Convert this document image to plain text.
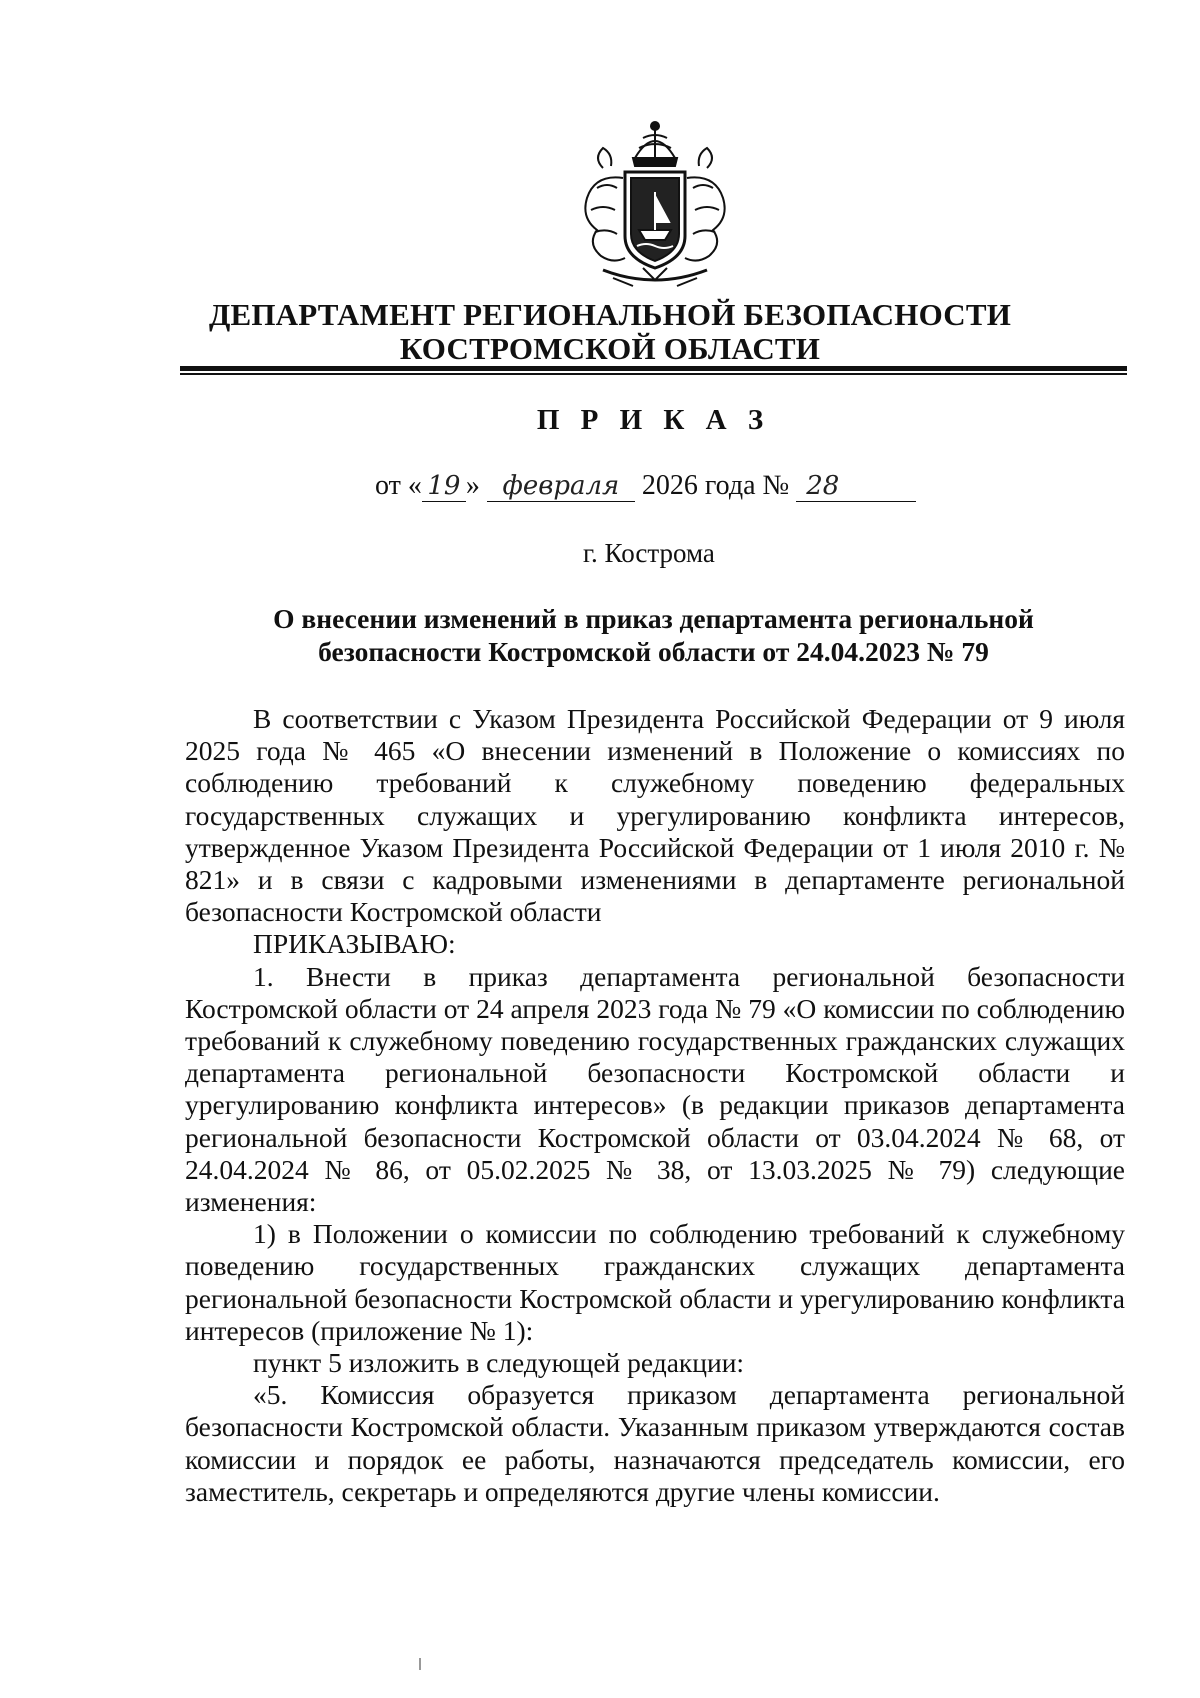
ДЕПАРТАМЕНТ РЕГИОНАЛЬНОЙ БЕЗОПАСНОСТИ
КОСТРОМСКОЙ ОБЛАСТИ
П Р И К А З
от « 19 » февраля 2026 года № 28
г. Кострома
О внесении изменений в приказ департамента региональной
безопасности Костромской области от 24.04.2023 № 79

В соответствии с Указом Президента Российской Федерации от 9 июля 2025 года № 465 «О внесении изменений в Положение о комиссиях по соблюдению требований к служебному поведению федеральных государственных служащих и урегулированию конфликта интересов, утвержденное Указом Президента Российской Федерации от 1 июля 2010 г. № 821» и в связи с кадровыми изменениями в департаменте региональной безопасности Костромской области

ПРИКАЗЫВАЮ:

1. Внести в приказ департамента региональной безопасности Костромской области от 24 апреля 2023 года № 79 «О комиссии по соблюдению требований к служебному поведению государственных гражданских служащих департамента региональной безопасности Костромской области и урегулированию конфликта интересов» (в редакции приказов департамента региональной безопасности Костромской области от 03.04.2024 № 68, от 24.04.2024 № 86, от 05.02.2025 № 38, от 13.03.2025 № 79) следующие изменения:

1) в Положении о комиссии по соблюдению требований к служебному поведению государственных гражданских служащих департамента региональной безопасности Костромской области и урегулированию конфликта интересов (приложение № 1):

пункт 5 изложить в следующей редакции:

«5. Комиссия образуется приказом департамента региональной безопасности Костромской области. Указанным приказом утверждаются состав комиссии и порядок ее работы, назначаются председатель комиссии, его заместитель, секретарь и определяются другие члены комиссии.
